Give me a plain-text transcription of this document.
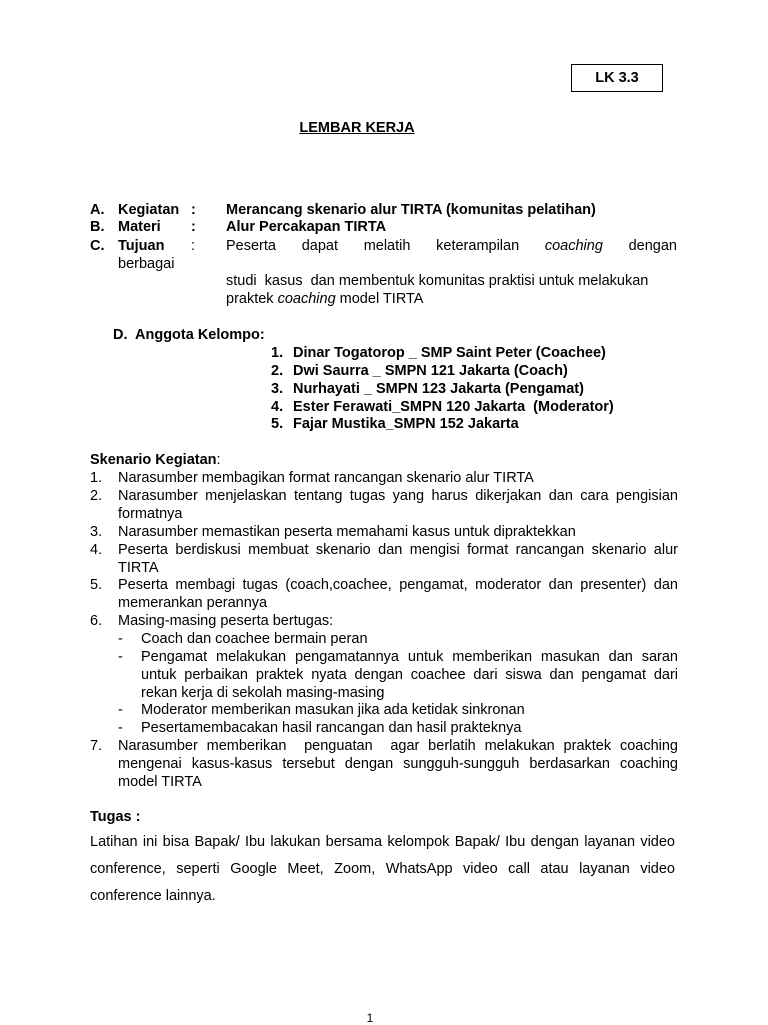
LK 3.3
LEMBAR KERJA
A. Kegiatan : Merancang skenario alur TIRTA (komunitas pelatihan)
B. Materi : Alur Percakapan TIRTA
C. Tujuan : Peserta dapat melatih keterampilan coaching dengan
berbagai
studi  kasus  dan membentuk komunitas praktisi untuk melakukan
praktek coaching model TIRTA
D.  Anggota Kelompo:
1. Dinar Togatorop _ SMP Saint Peter (Coachee)
2. Dwi Saurra _ SMPN 121 Jakarta (Coach)
3. Nurhayati _ SMPN 123 Jakarta (Pengamat)
4. Ester Ferawati_SMPN 120 Jakarta  (Moderator)
5. Fajar Mustika_SMPN 152 Jakarta
Skenario Kegiatan:
1. Narasumber membagikan format rancangan skenario alur TIRTA
2. Narasumber menjelaskan tentang tugas yang harus dikerjakan dan cara pengisian formatnya
3. Narasumber memastikan peserta memahami kasus untuk dipraktekkan
4. Peserta berdiskusi membuat skenario dan mengisi format rancangan skenario alur TIRTA
5. Peserta membagi tugas (coach,coachee, pengamat, moderator dan presenter) dan memerankan perannya
6. Masing-masing peserta bertugas:
- Coach dan coachee bermain peran
- Pengamat melakukan pengamatannya untuk memberikan masukan dan saran untuk perbaikan praktek nyata dengan coachee dari siswa dan pengamat dari rekan kerja di sekolah masing-masing
- Moderator memberikan masukan jika ada ketidak sinkronan
- Pesertamembacakan hasil rancangan dan hasil prakteknya
7. Narasumber memberikan  penguatan  agar berlatih melakukan praktek coaching mengenai kasus-kasus tersebut dengan sungguh-sungguh berdasarkan coaching model TIRTA
Tugas :
Latihan ini bisa Bapak/ Ibu lakukan bersama kelompok Bapak/ Ibu dengan layanan video conference, seperti Google Meet, Zoom, WhatsApp video call atau layanan video conference lainnya.
1
